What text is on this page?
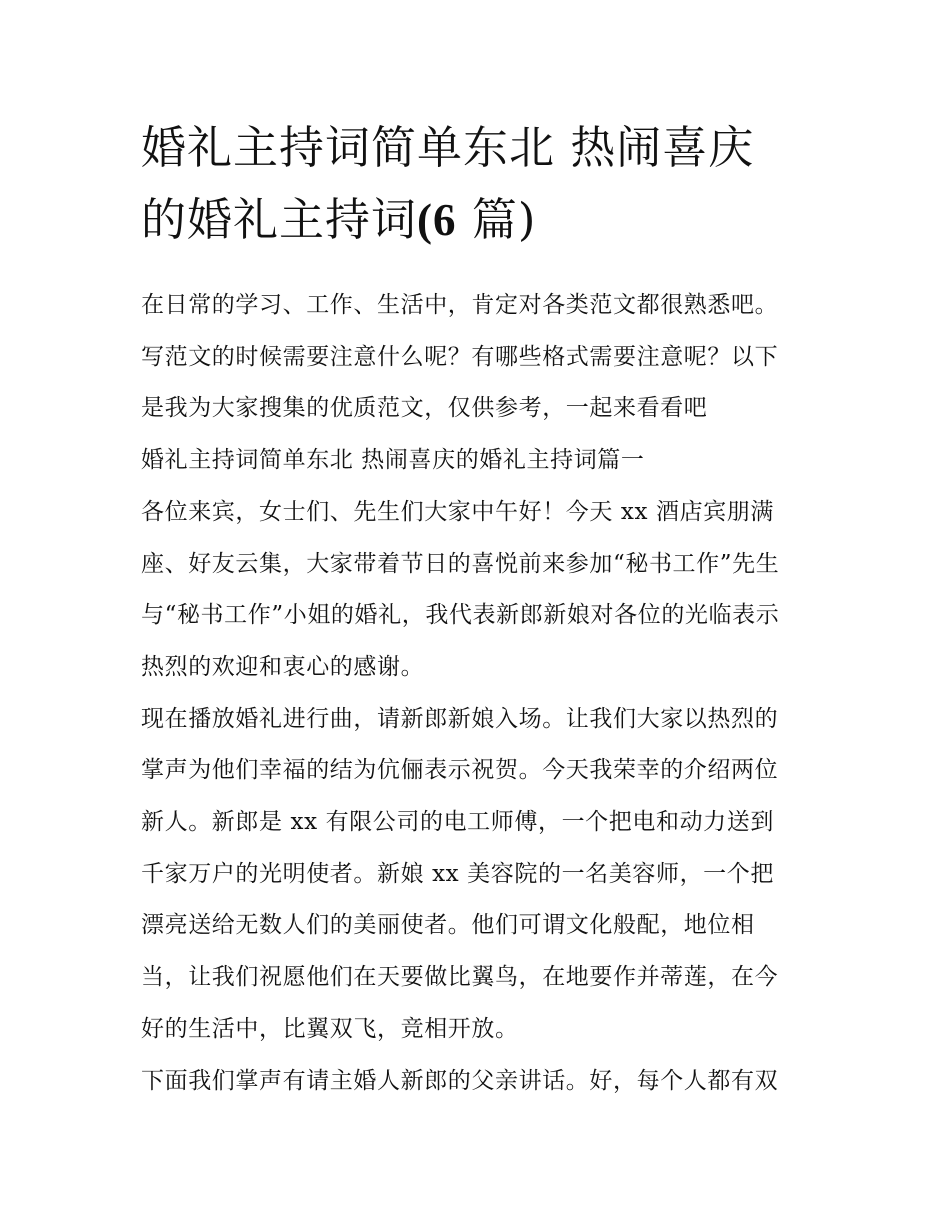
婚礼主持词简单东北 热闹喜庆
的婚礼主持词(6 篇)
在日常的学习、工作、生活中，肯定对各类范文都很熟悉吧。
写范文的时候需要注意什么呢？有哪些格式需要注意呢？以下
是我为大家搜集的优质范文，仅供参考，一起来看看吧
婚礼主持词简单东北 热闹喜庆的婚礼主持词篇一
各位来宾，女士们、先生们大家中午好！今天 xx 酒店宾朋满
座、好友云集，大家带着节日的喜悦前来参加“秘书工作”先生
与“秘书工作”小姐的婚礼，我代表新郎新娘对各位的光临表示
热烈的欢迎和衷心的感谢。
现在播放婚礼进行曲，请新郎新娘入场。让我们大家以热烈的
掌声为他们幸福的结为伉俪表示祝贺。今天我荣幸的介绍两位
新人。新郎是 xx 有限公司的电工师傅，一个把电和动力送到
千家万户的光明使者。新娘 xx 美容院的一名美容师，一个把
漂亮送给无数人们的美丽使者。他们可谓文化般配，地位相
当，让我们祝愿他们在天要做比翼鸟，在地要作并蒂莲，在今
好的生活中，比翼双飞，竞相开放。
下面我们掌声有请主婚人新郎的父亲讲话。好，每个人都有双
